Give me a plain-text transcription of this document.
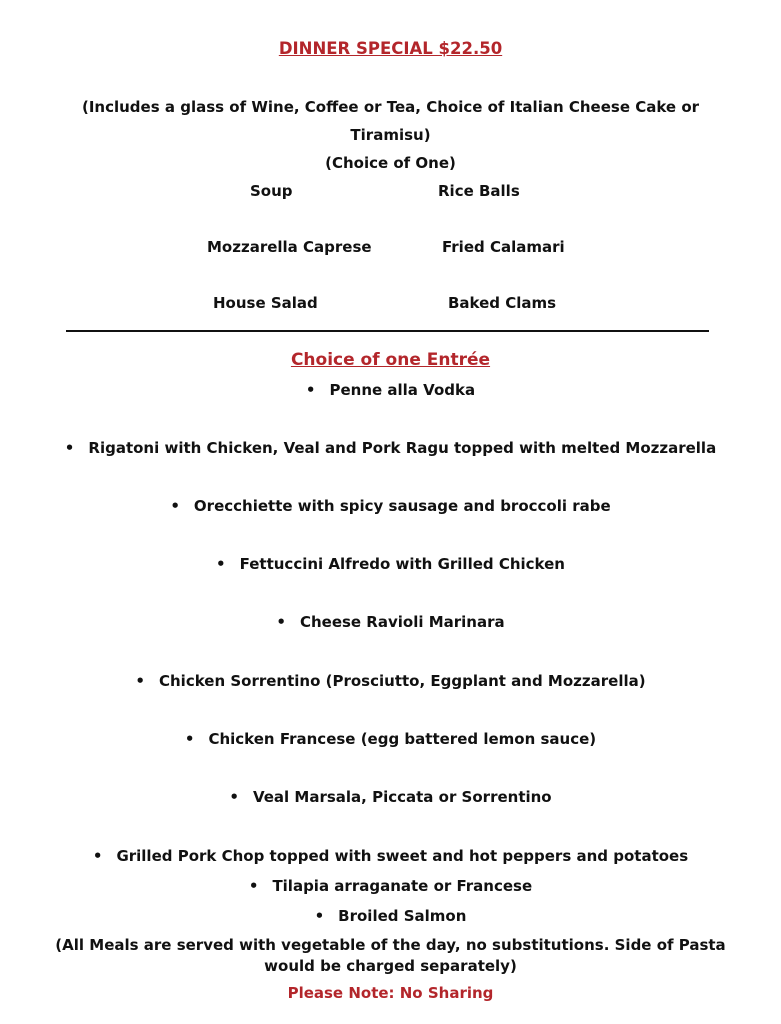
DINNER SPECIAL $22.50
(Includes a glass of Wine, Coffee or Tea, Choice of Italian Cheese Cake or
Tiramisu)
(Choice of One)
Soup	Rice Balls
Mozzarella Caprese	Fried Calamari
House Salad	Baked Clams
Choice of one Entrée
• Penne alla Vodka
• Rigatoni with Chicken, Veal and Pork Ragu topped with melted Mozzarella
• Orecchiette with spicy sausage and broccoli rabe
• Fettuccini Alfredo with Grilled Chicken
• Cheese Ravioli Marinara
• Chicken Sorrentino (Prosciutto, Eggplant and Mozzarella)
• Chicken Francese (egg battered lemon sauce)
• Veal Marsala, Piccata or Sorrentino
• Grilled Pork Chop topped with sweet and hot peppers and potatoes
• Tilapia arraganate or Francese
• Broiled Salmon
(All Meals are served with vegetable of the day, no substitutions. Side of Pasta
would be charged separately)
Please Note: No Sharing
